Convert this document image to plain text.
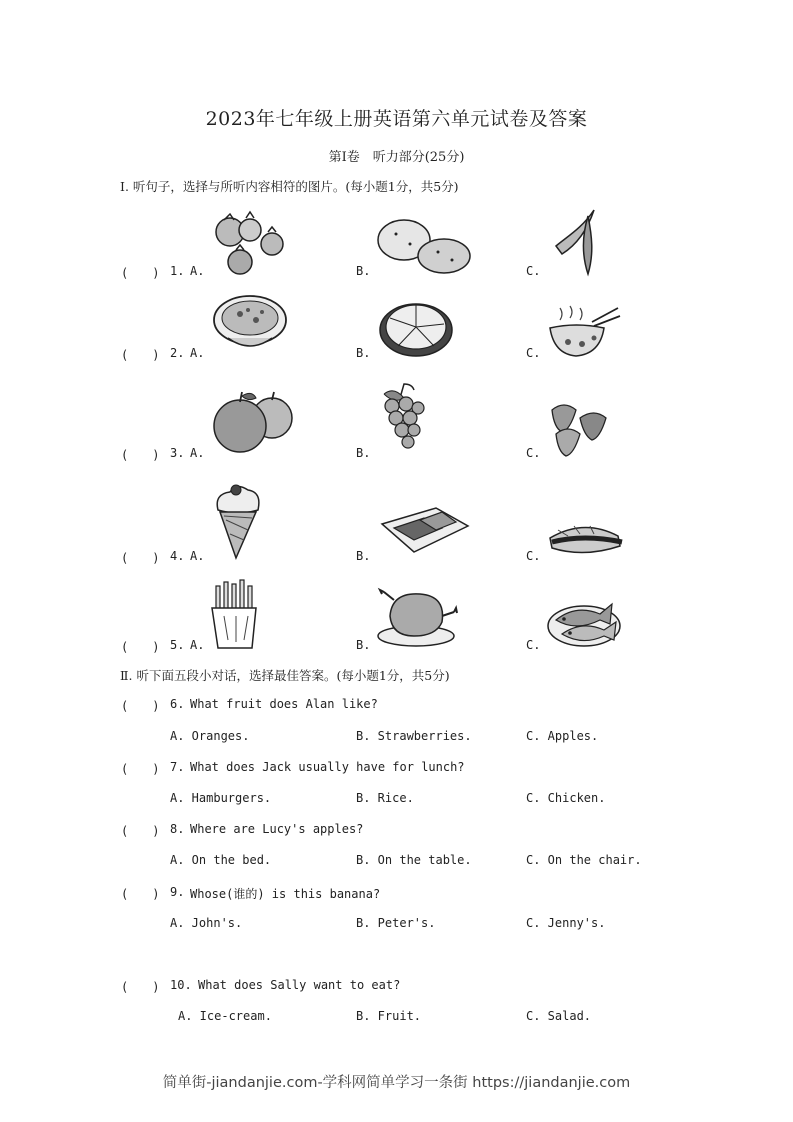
2023年七年级上册英语第六单元试卷及答案
第Ⅰ卷　听力部分(25分)
Ⅰ. 听句子，选择与所听内容相符的图片。(每小题1分，共5分)
(　　) 1. A.	B.	C.
(　　) 2. A.	B.	C.
(　　) 3. A.	B.	C.
(　　) 4. A.	B.	C.
(　　) 5. A.	B.	C.
Ⅱ. 听下面五段小对话，选择最佳答案。(每小题1分，共5分)
(　　) 6. What fruit does Alan like?
A. Oranges.	B. Strawberries.	C. Apples.
(　　) 7. What does Jack usually have for lunch?
A. Hamburgers.	B. Rice.	C. Chicken.
(　　) 8. Where are Lucy's apples?
A. On the bed.	B. On the table.	C. On the chair.
(　　) 9. Whose(谁的) is this banana?
A. John's.	B. Peter's.	C. Jenny's.
(　　) 10. What does Sally want to eat?
A. Ice-cream.	B. Fruit.	C. Salad.
简单街-jiandanjie.com-学科网简单学习一条街 https://jiandanjie.com
